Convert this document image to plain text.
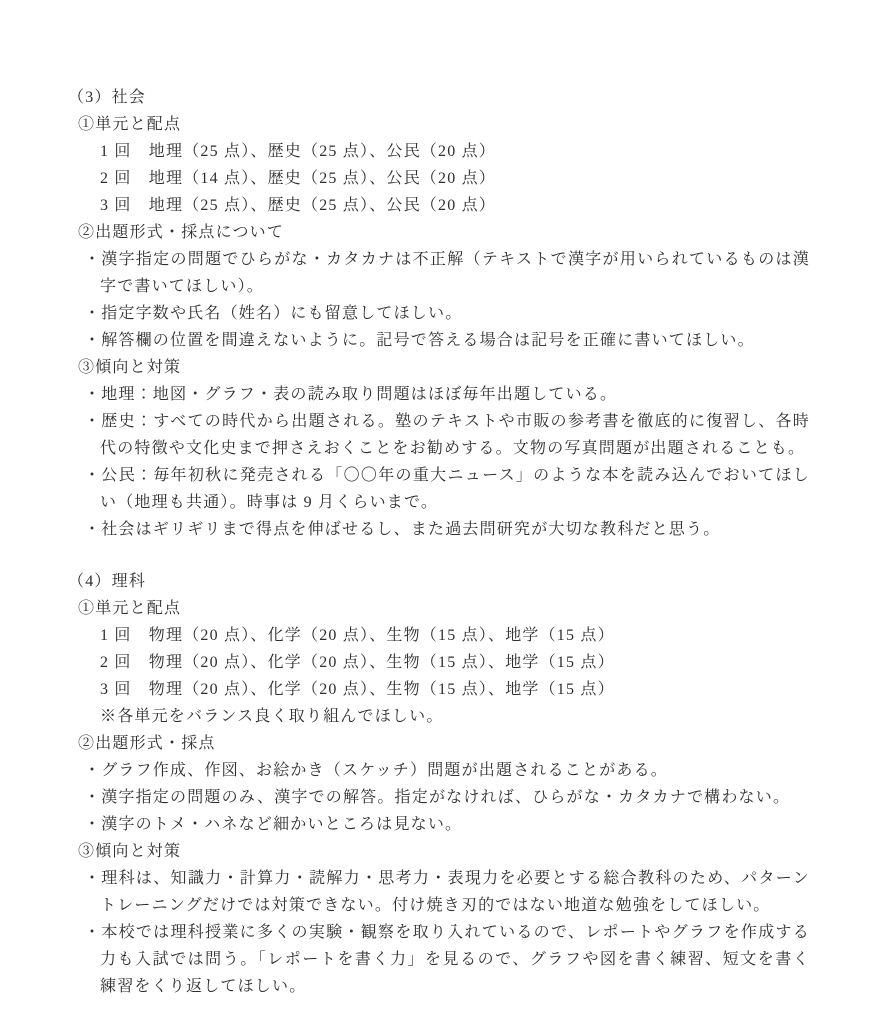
（3）社会
①単元と配点
1 回　地理（25 点）、歴史（25 点）、公民（20 点）
2 回　地理（14 点）、歴史（25 点）、公民（20 点）
3 回　地理（25 点）、歴史（25 点）、公民（20 点）
②出題形式・採点について
・漢字指定の問題でひらがな・カタカナは不正解（テキストで漢字が用いられているものは漢字で書いてほしい）。
・指定字数や氏名（姓名）にも留意してほしい。
・解答欄の位置を間違えないように。記号で答える場合は記号を正確に書いてほしい。
③傾向と対策
・地理：地図・グラフ・表の読み取り問題はほぼ毎年出題している。
・歴史：すべての時代から出題される。塾のテキストや市販の参考書を徹底的に復習し、各時代の特徴や文化史まで押さえおくことをお勧めする。文物の写真問題が出題されることも。
・公民：毎年初秋に発売される「〇〇年の重大ニュース」のような本を読み込んでおいてほしい（地理も共通）。時事は 9 月くらいまで。
・社会はギリギリまで得点を伸ばせるし、また過去問研究が大切な教科だと思う。
（4）理科
①単元と配点
1 回　物理（20 点）、化学（20 点）、生物（15 点）、地学（15 点）
2 回　物理（20 点）、化学（20 点）、生物（15 点）、地学（15 点）
3 回　物理（20 点）、化学（20 点）、生物（15 点）、地学（15 点）
※各単元をバランス良く取り組んでほしい。
②出題形式・採点
・グラフ作成、作図、お絵かき（スケッチ）問題が出題されることがある。
・漢字指定の問題のみ、漢字での解答。指定がなければ、ひらがな・カタカナで構わない。
・漢字のトメ・ハネなど細かいところは見ない。
③傾向と対策
・理科は、知識力・計算力・読解力・思考力・表現力を必要とする総合教科のため、パターントレーニングだけでは対策できない。付け焼き刃的ではない地道な勉強をしてほしい。
・本校では理科授業に多くの実験・観察を取り入れているので、レポートやグラフを作成する力も入試では問う。「レポートを書く力」を見るので、グラフや図を書く練習、短文を書く練習をくり返してほしい。
